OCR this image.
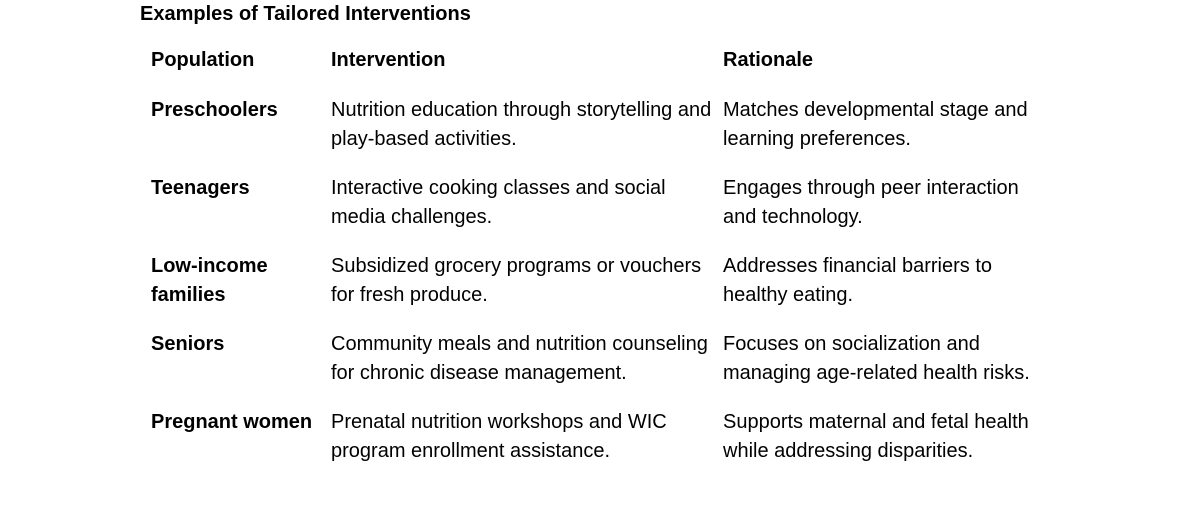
Examples of Tailored Interventions
Population	Intervention	Rationale
Preschoolers	Nutrition education through storytelling and play-based activities.	Matches developmental stage and learning preferences.
Teenagers	Interactive cooking classes and social media challenges.	Engages through peer interaction and technology.
Low-income families	Subsidized grocery programs or vouchers for fresh produce.	Addresses financial barriers to healthy eating.
Seniors	Community meals and nutrition counseling for chronic disease management.	Focuses on socialization and managing age-related health risks.
Pregnant women	Prenatal nutrition workshops and WIC program enrollment assistance.	Supports maternal and fetal health while addressing disparities.
